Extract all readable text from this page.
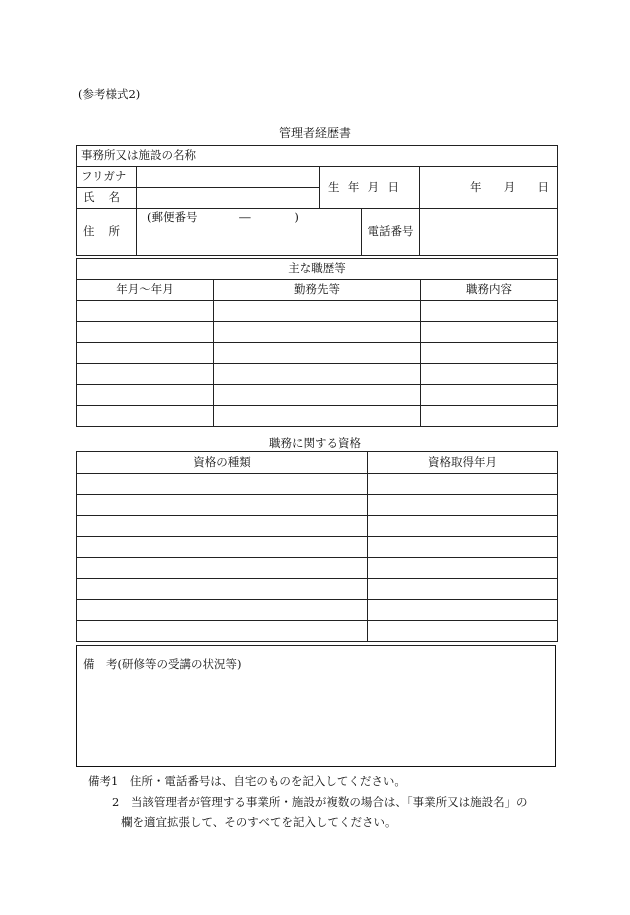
(参考様式2)
管理者経歴書
事務所又は施設の名称				
フリガナ		生 年 月 日		年 月 日

氏 名				

住 所	(郵便番号 ― )		電話番号	
主な職歴等		
年月～年月	勤務先等	職務内容

職務に関する資格
資格の種類	資格取得年月

備　考(研修等の受講の状況等)
備考1　住所・電話番号は、自宅のものを記入してください。
2　当該管理者が管理する事業所・施設が複数の場合は、「事業所又は施設名」の
欄を適宜拡張して、そのすべてを記入してください。
